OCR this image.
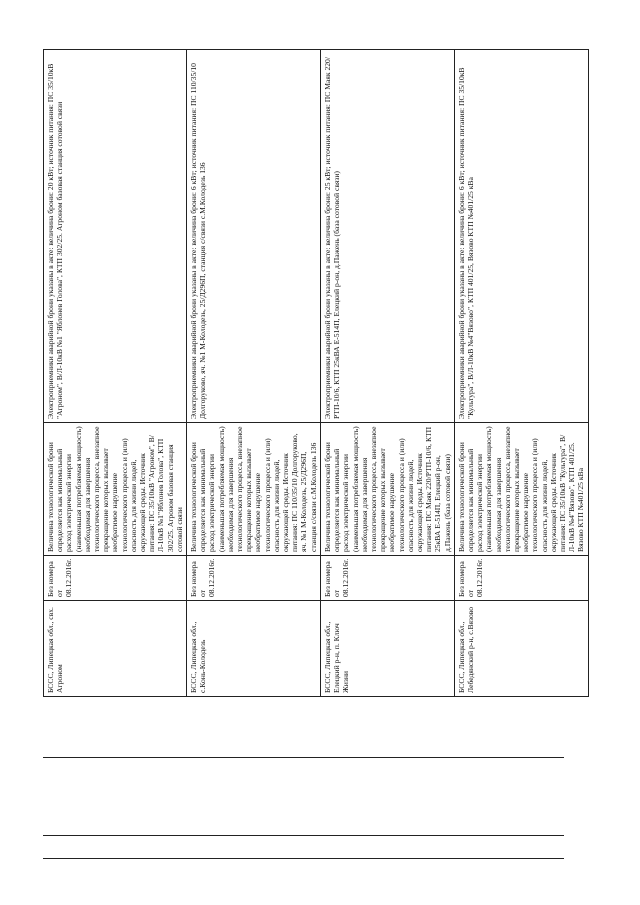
БССС, Липецкая обл., свх. Агроном	Без номера от 08.12.2016г.	Величина технологической брони определяется как минимальный расход электрической энергии (наименьшая потребляемая мощность) необходимая для завершения технологического процесса, внезапное прекращение которых вызывает необратимое нарушение технологического процесса и (или) опасность для жизни людей, окружающей среды. Источник питания: ПС 35/10кВ "Агроном", В/Л-10кВ №1"Яблонев Голова", КТП 302/25. Агроном базовая станция сотовой связи	Электроприемники аварийной брони указаны в акте: величина брони: 20 кВт; источник питания: ПС 35/10кВ "Агроном", В/Л-10кВ №1 "Яблонев Голова", КТП 302/25. Агроном базовая станция сотовой связи

БССС, Липецкая обл., с.Конь-Колодезь	Без номера от 08.12.2016г.	Величина технологической брони определяется как минимальный расход электрической энергии (наименьшая потребляемая мощность) необходимая для завершения технологического процесса, внезапное прекращение которых вызывает необратимое нарушение технологического процесса и (или) опасность для жизни людей, окружающей среды. Источник питания: ПС 110/35/10 Долгоруково, яч. №1 М-Колодезь, 25/Д296П, станция с/связи с.М.Колодезь 136	Электроприемники аварийной брони указаны в акте: величина брони: 6 кВт; источник питания: ПС 110/35/10 Долгоруково, яч. №1 М-Колодезь, 25/Д296П, станция с/связи с.М.Колодезь 136

БССС, Липецкая обл., Елецкий р-н, п. Ключ Жизни	Без номера от 08.12.2016г.	Величина технологической брони определяется как минимальный расход электрической энергии (наименьшая потребляемая мощность) необходимая для завершения технологического процесса, внезапное прекращение которых вызывает необратимое нарушение технологического процесса и (или) опасность для жизни людей, окружающей среды. Источник питания: ПС Маяк 220/РТП-10/6, КТП 25кВА Е-514П, Елецкий р-он, д.Пажень (база сотовой связи)	Электроприемники аварийной брони указаны в акте: величина брони: 25 кВт; источник питания: ПС Маяк 220/РТП-10/6, КТП 25кВА Е-514П, Елецкий р-он, д.Пажень (база сотовой связи)

БССС, Липецкая обл., Лебедянский р-н, с.Вязово	Без номера от 08.12.2016г.	Величина технологической брони определяется как минимальный расход электрической энергии (наименьшая потребляемая мощность) необходимая для завершения технологического процесса, внезапное прекращение которых вызывает необратимое нарушение технологического процесса и (или) опасность для жизни людей, окружающей среды. Источник питания: ПС 35/10кВ "Культура", В/Л-10кВ №4"Вязово", КТП 401/25. Вязово КТП №401/25 кВа	Электроприемники аварийной брони указаны в акте: величина брони: 6 кВт; источник питания: ПС 35/10кВ "Культура", В/Л-10кВ №4"Вязово", КТП 401/25, Вязово КТП №401/25 кВа
